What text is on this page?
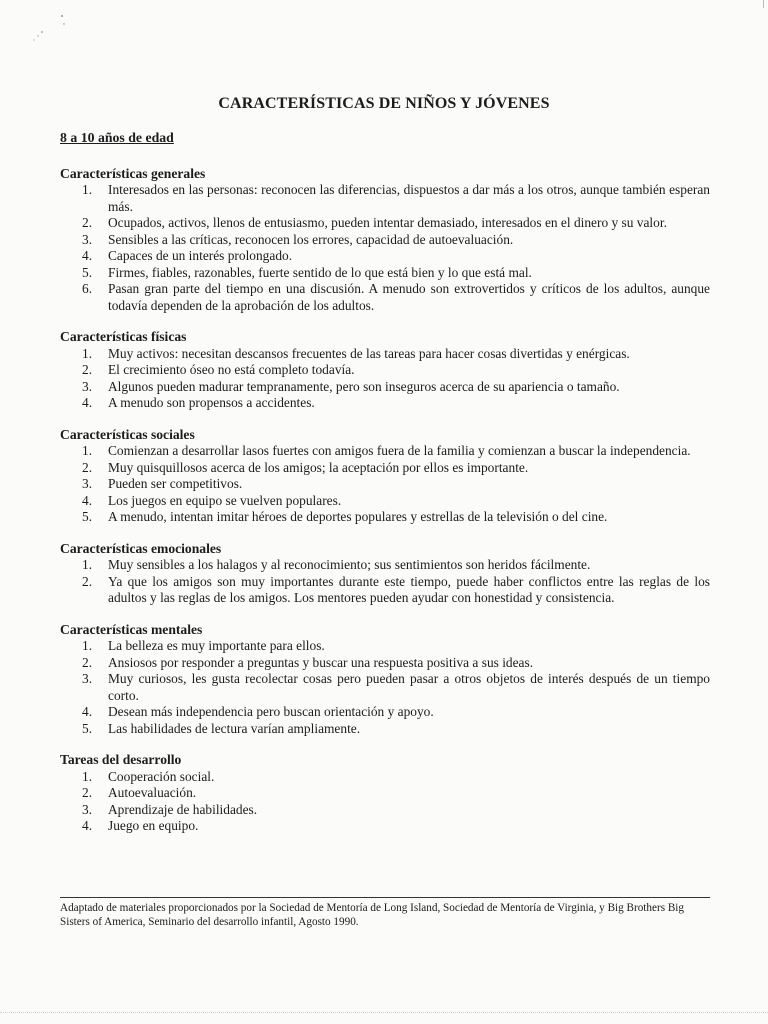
CARACTERÍSTICAS DE NIÑOS Y JÓVENES

8 a 10 años de edad

Características generales

1.	Interesados en las personas: reconocen las diferencias, dispuestos a dar más a los otros, aunque también esperan más.
2.	Ocupados, activos, llenos de entusiasmo, pueden intentar demasiado, interesados en el dinero y su valor.
3.	Sensibles a las críticas, reconocen los errores, capacidad de autoevaluación.
4.	Capaces de un interés prolongado.
5.	Firmes, fiables, razonables, fuerte sentido de lo que está bien y lo que está mal.
6.	Pasan gran parte del tiempo en una discusión. A menudo son extrovertidos y críticos de los adultos, aunque todavía dependen de la aprobación de los adultos.

Características físicas

1.	Muy activos: necesitan descansos frecuentes de las tareas para hacer cosas divertidas y enérgicas.
2.	El crecimiento óseo no está completo todavía.
3.	Algunos pueden madurar tempranamente, pero son inseguros acerca de su apariencia o tamaño.
4.	A menudo son propensos a accidentes.

Características sociales

1.	Comienzan a desarrollar lasos fuertes con amigos fuera de la familia y comienzan a buscar la independencia.
2.	Muy quisquillosos acerca de los amigos; la aceptación por ellos es importante.
3.	Pueden ser competitivos.
4.	Los juegos en equipo se vuelven populares.
5.	A menudo, intentan imitar héroes de deportes populares y estrellas de la televisión o del cine.

Características emocionales

1.	Muy sensibles a los halagos y al reconocimiento; sus sentimientos son heridos fácilmente.
2.	Ya que los amigos son muy importantes durante este tiempo, puede haber conflictos entre las reglas de los adultos y las reglas de los amigos. Los mentores pueden ayudar con honestidad y consistencia.

Características mentales

1.	La belleza es muy importante para ellos.
2.	Ansiosos por responder a preguntas y buscar una respuesta positiva a sus ideas.
3.	Muy curiosos, les gusta recolectar cosas pero pueden pasar a otros objetos de interés después de un tiempo corto.
4.	Desean más independencia pero buscan orientación y apoyo.
5.	Las habilidades de lectura varían ampliamente.

Tareas del desarrollo

1.	Cooperación social.
2.	Autoevaluación.
3.	Aprendizaje de habilidades.
4.	Juego en equipo.
Adaptado de materiales proporcionados por la Sociedad de Mentoría de Long Island, Sociedad de Mentoría de Virginia, y Big Brothers Big Sisters of America, Seminario del desarrollo infantil, Agosto 1990.
